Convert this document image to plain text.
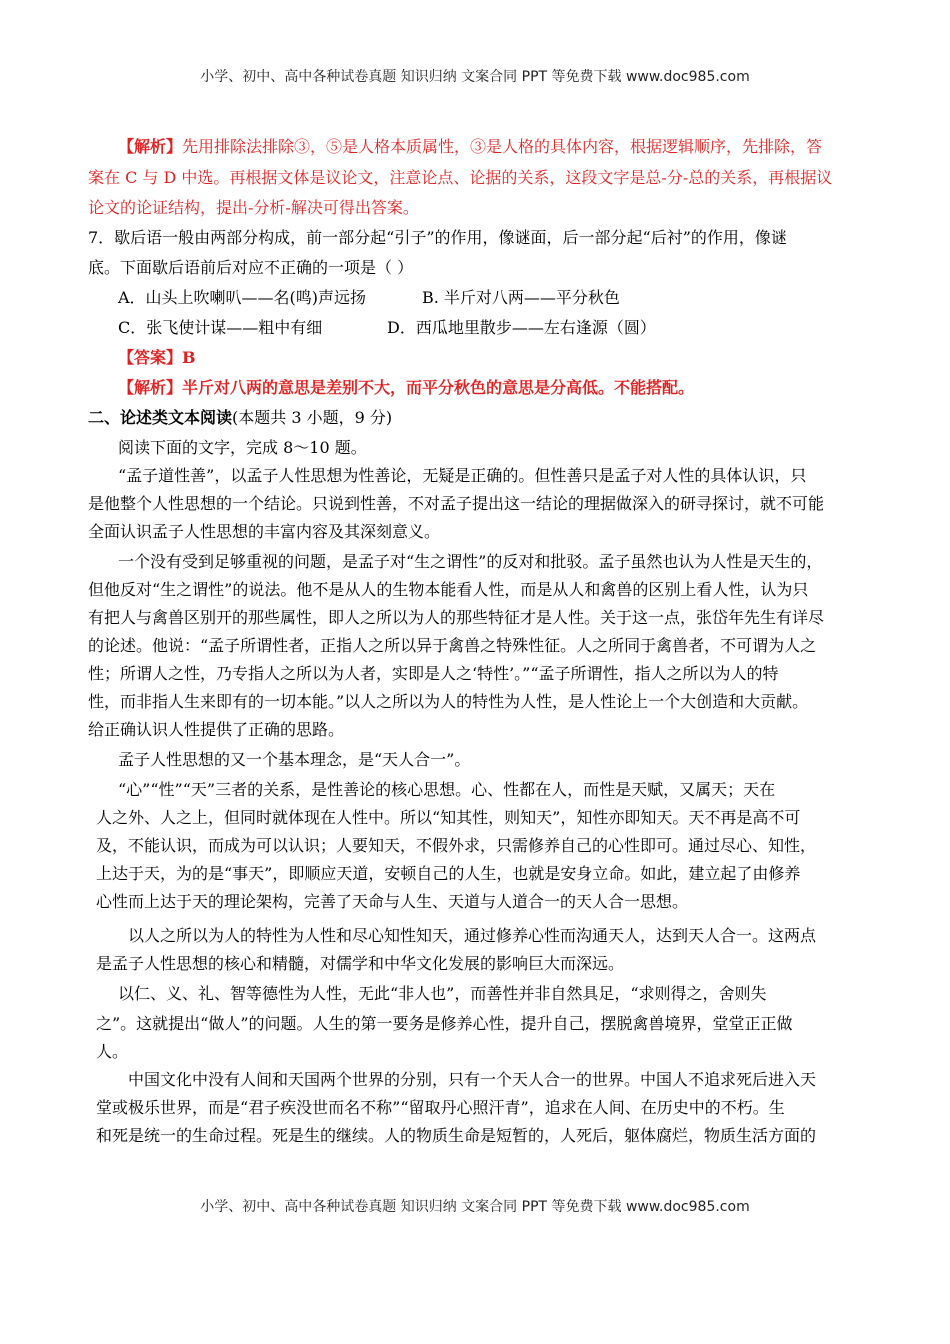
小学、初中、高中各种试卷真题 知识归纳 文案合同 PPT 等免费下载 www.doc985.com
【解析】先用排除法排除③，⑤是人格本质属性，③是人格的具体内容，根据逻辑顺序，先排除，答
案在 C 与 D 中选。再根据文体是议论文，注意论点、论据的关系，这段文字是总-分-总的关系，再根据议
论文的论证结构，提出-分析-解决可得出答案。
7．歇后语一般由两部分构成，前一部分起“引子”的作用，像谜面，后一部分起“后衬”的作用，像谜
底。下面歇后语前后对应不正确的一项是（ ）
A．山头上吹喇叭——名(鸣)声远扬	B. 半斤对八两——平分秋色
C．张飞使计谋——粗中有细	D．西瓜地里散步——左右逢源（圆）
【答案】B
【解析】半斤对八两的意思是差别不大，而平分秋色的意思是分高低。不能搭配。
二、论述类文本阅读(本题共 3 小题，9 分)
阅读下面的文字，完成 8～10 题。
“孟子道性善”，以孟子人性思想为性善论，无疑是正确的。但性善只是孟子对人性的具体认识，只
是他整个人性思想的一个结论。只说到性善，不对孟子提出这一结论的理据做深入的研寻探讨，就不可能
全面认识孟子人性思想的丰富内容及其深刻意义。
一个没有受到足够重视的问题，是孟子对“生之谓性”的反对和批驳。孟子虽然也认为人性是天生的，
但他反对“生之谓性”的说法。他不是从人的生物本能看人性，而是从人和禽兽的区别上看人性，认为只
有把人与禽兽区别开的那些属性，即人之所以为人的那些特征才是人性。关于这一点，张岱年先生有详尽
的论述。他说：“孟子所谓性者，正指人之所以异于禽兽之特殊性征。人之所同于禽兽者，不可谓为人之
性；所谓人之性，乃专指人之所以为人者，实即是人之‘特性’。”“孟子所谓性，指人之所以为人的特
性，而非指人生来即有的一切本能。”以人之所以为人的特性为人性，是人性论上一个大创造和大贡献。
给正确认识人性提供了正确的思路。
孟子人性思想的又一个基本理念，是“天人合一”。
“心”“性”“天”三者的关系，是性善论的核心思想。心、性都在人，而性是天赋，又属天；天在
人之外、人之上，但同时就体现在人性中。所以“知其性，则知天”，知性亦即知天。天不再是高不可
及，不能认识，而成为可以认识；人要知天，不假外求，只需修养自己的心性即可。通过尽心、知性，
上达于天，为的是“事天”，即顺应天道，安顿自己的人生，也就是安身立命。如此，建立起了由修养
心性而上达于天的理论架构，完善了天命与人生、天道与人道合一的天人合一思想。
以人之所以为人的特性为人性和尽心知性知天，通过修养心性而沟通天人，达到天人合一。这两点
是孟子人性思想的核心和精髓，对儒学和中华文化发展的影响巨大而深远。
以仁、义、礼、智等德性为人性，无此“非人也”，而善性并非自然具足，“求则得之，舍则失
之”。这就提出“做人”的问题。人生的第一要务是修养心性，提升自己，摆脱禽兽境界，堂堂正正做
人。
中国文化中没有人间和天国两个世界的分别，只有一个天人合一的世界。中国人不追求死后进入天
堂或极乐世界，而是“君子疾没世而名不称”“留取丹心照汗青”，追求在人间、在历史中的不朽。生
和死是统一的生命过程。死是生的继续。人的物质生命是短暂的，人死后，躯体腐烂，物质生活方面的
小学、初中、高中各种试卷真题 知识归纳 文案合同 PPT 等免费下载 www.doc985.com
